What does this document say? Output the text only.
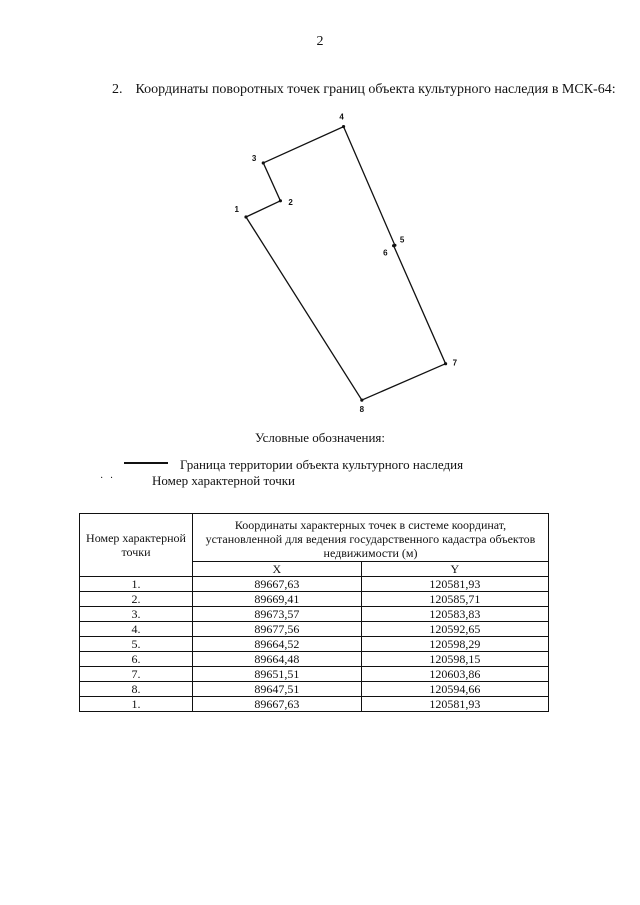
2
2. Координаты поворотных точек границ объекта культурного наследия в МСК-64:
1
2
3
4
5
6
7
8
Условные обозначения:
Граница территории объекта культурного наследия
· ·	Номер характерной точки
Номер характерной точки	Координаты характерных точек в системе координат, установленной для ведения государственного кадастра объектов недвижимости (м)	
	X	Y
1.	89667,63	120581,93
2.	89669,41	120585,71
3.	89673,57	120583,83
4.	89677,56	120592,65
5.	89664,52	120598,29
6.	89664,48	120598,15
7.	89651,51	120603,86
8.	89647,51	120594,66
1.	89667,63	120581,93
